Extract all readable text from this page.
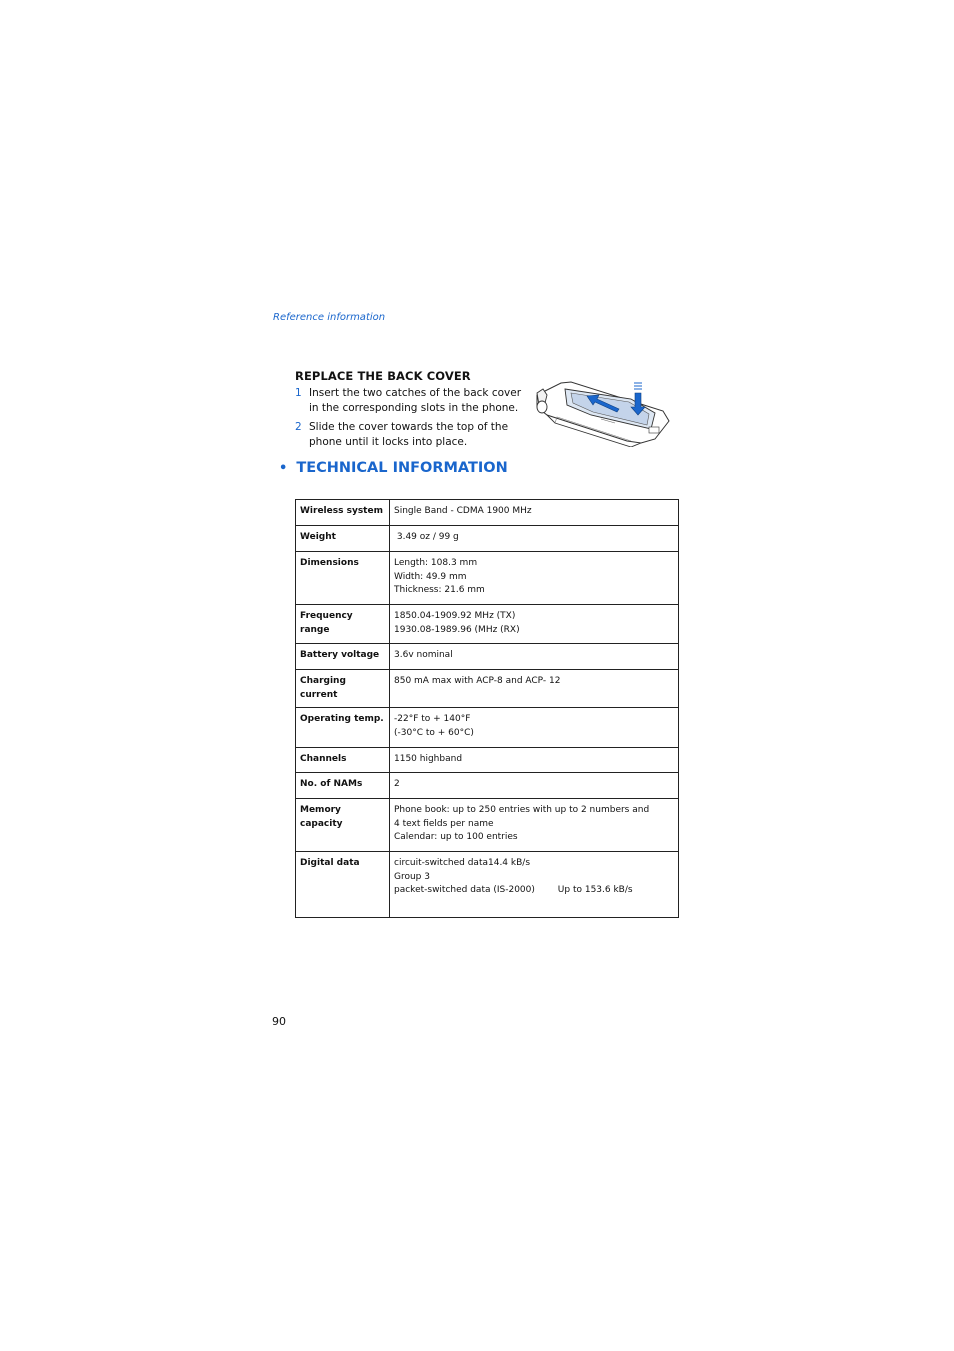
Reference information
REPLACE THE BACK COVER
1 Insert the two catches of the back cover in the corresponding slots in the phone.
2 Slide the cover towards the top of the phone until it locks into place.
• TECHNICAL INFORMATION
Wireless system	Single Band - CDMA 1900 MHz
Weight	3.49 oz / 99 g
Dimensions	Length: 108.3 mm
Width: 49.9 mm
Thickness: 21.6 mm
Frequency range	1850.04-1909.92 MHz (TX)
1930.08-1989.96 (MHz (RX)
Battery voltage	3.6v nominal
Charging current	850 mA max with ACP-8 and ACP- 12
Operating temp.	-22°F to + 140°F
(-30°C to + 60°C)
Channels	1150 highband
No. of NAMs	2
Memory capacity	Phone book: up to 250 entries with up to 2 numbers and
4 text fields per name
Calendar: up to 100 entries
Digital data	circuit-switched data14.4 kB/s
Group 3
packet-switched data (IS-2000)        Up to 153.6 kB/s

90
